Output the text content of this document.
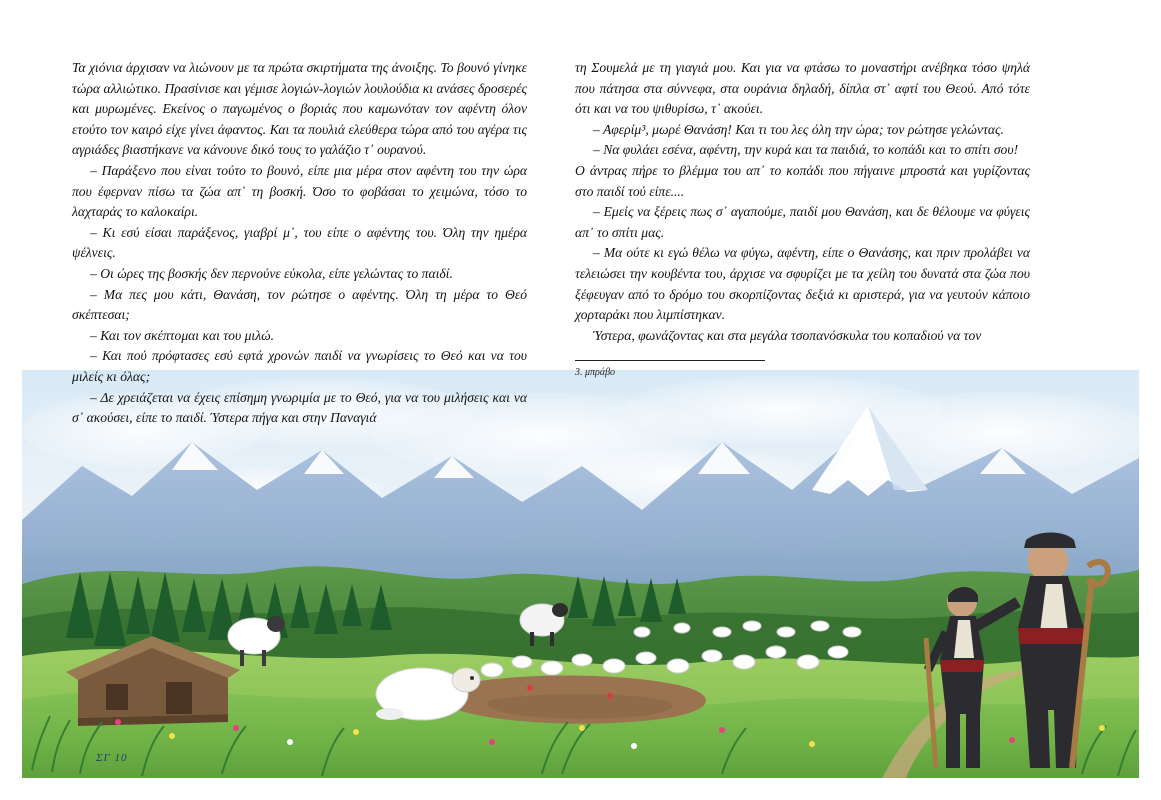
Τα χιόνια άρχισαν να λιώνουν με τα πρώτα σκιρτήματα της άνοιξης. Το βουνό γίνηκε τώρα αλλιώτικο. Πρασίνισε και γέμισε λογιών-λογιών λουλούδια κι ανάσες δροσερές και μυρωμένες. Εκείνος ο παγωμένος ο βοριάς που καμωνόταν τον αφέντη όλον ετούτο τον καιρό είχε γίνει άφαντος. Και τα πουλιά ελεύθερα τώρα από του αγέρα τις αγριάδες βιαστήκανε να κάνουνε δικό τους το γαλάζιο τ᾿ ουρανού.

– Παράξενο που είναι τούτο το βουνό, είπε μια μέρα στον αφέντη του την ώρα που έφερναν πίσω τα ζώα απ᾿ τη βοσκή. Όσο το φοβάσαι το χειμώνα, τόσο το λαχταράς το καλοκαίρι.

– Κι εσύ είσαι παράξενος, γιαβρί μ᾿, του είπε ο αφέντης του. Όλη την ημέρα ψέλνεις.

– Οι ώρες της βοσκής δεν περνούνε εύκολα, είπε γελώντας το παιδί.

– Μα πες μου κάτι, Θανάση, τον ρώτησε ο αφέντης. Όλη τη μέρα το Θεό σκέπτεσαι;

– Και τον σκέπτομαι και του μιλώ.

– Και πού πρόφτασες εσύ εφτά χρονών παιδί να γνωρίσεις το Θεό και να του μιλείς κι όλας;

– Δε χρειάζεται να έχεις επίσημη γνωριμία με το Θεό, για να του μιλήσεις και να σ᾿ ακούσει, είπε το παιδί. Ύστερα πήγα και στην Παναγιά

τη Σουμελά με τη γιαγιά μου. Και για να φτάσω το μοναστήρι ανέβηκα τόσο ψηλά που πάτησα στα σύννεφα, στα ουράνια δηλαδή, δίπλα στ᾿ αφτί του Θεού. Από τότε ότι και να του ψιθυρίσω, τ᾿ ακούει.

– Αφερίμ³, μωρέ Θανάση! Και τι του λες όλη την ώρα; τον ρώτησε γελώντας.

– Να φυλάει εσένα, αφέντη, την κυρά και τα παιδιά, το κοπάδι και το σπίτι σου!

Ο άντρας πήρε το βλέμμα του απ᾿ το κοπάδι που πήγαινε μπροστά και γυρίζοντας στο παιδί τού είπε....

– Εμείς να ξέρεις πως σ᾿ αγαπούμε, παιδί μου Θανάση, και δε θέλουμε να φύγεις απ᾿ το σπίτι μας.

– Μα ούτε κι εγώ θέλω να φύγω, αφέντη, είπε ο Θανάσης, και πριν προλάβει να τελειώσει την κουβέντα του, άρχισε να σφυρίζει με τα χείλη του δυνατά στα ζώα που ξέφευγαν από το δρόμο του σκορπίζοντας δεξιά κι αριστερά, για να γευτούν κάποιο χορταράκι που λιμπίστηκαν.

Ύστερα, φωνάζοντας και στα μεγάλα τσοπανόσκυλα του κοπαδιού να τον

3. μπράβο
ΣΓ 10
